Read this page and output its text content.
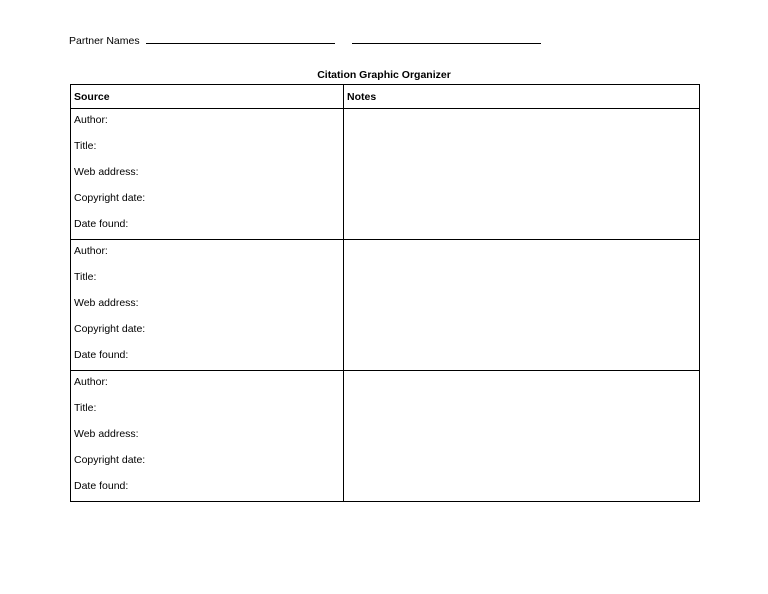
Partner Names
Citation Graphic Organizer
Source	Notes

Author:
Title:
Web address:
Copyright date:
Date found:	

Author:
Title:
Web address:
Copyright date:
Date found:	

Author:
Title:
Web address:
Copyright date:
Date found:	
